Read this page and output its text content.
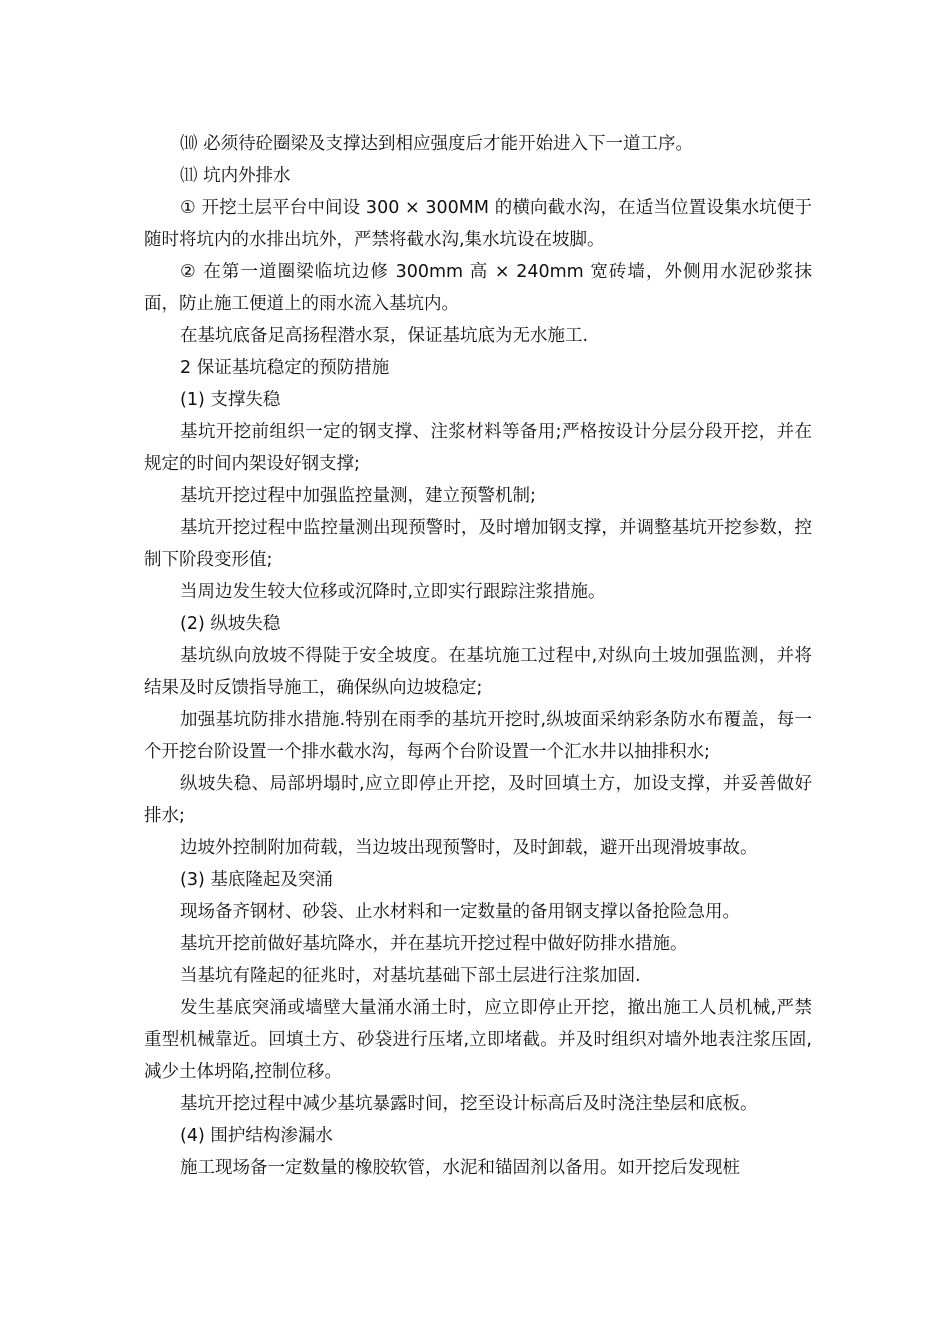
⑽ 必须待砼圈梁及支撑达到相应强度后才能开始进入下一道工序。

⑾ 坑内外排水

① 开挖土层平台中间设 300 × 300MM 的横向截水沟，在适当位置设集水坑便于随时将坑内的水排出坑外，严禁将截水沟,集水坑设在坡脚。

② 在第一道圈梁临坑边修 300mm 高 × 240mm 宽砖墙，外侧用水泥砂浆抹面，防止施工便道上的雨水流入基坑内。

在基坑底备足高扬程潜水泵，保证基坑底为无水施工.

2 保证基坑稳定的预防措施

(1) 支撑失稳

基坑开挖前组织一定的钢支撑、注浆材料等备用;严格按设计分层分段开挖，并在规定的时间内架设好钢支撑;

基坑开挖过程中加强监控量测，建立预警机制;

基坑开挖过程中监控量测出现预警时，及时增加钢支撑，并调整基坑开挖参数，控制下阶段变形值;

当周边发生较大位移或沉降时,立即实行跟踪注浆措施。

(2) 纵坡失稳

基坑纵向放坡不得陡于安全坡度。在基坑施工过程中,对纵向土坡加强监测，并将结果及时反馈指导施工，确保纵向边坡稳定;

加强基坑防排水措施.特别在雨季的基坑开挖时,纵坡面采纳彩条防水布覆盖，每一个开挖台阶设置一个排水截水沟，每两个台阶设置一个汇水井以抽排积水;

纵坡失稳、局部坍塌时,应立即停止开挖，及时回填土方，加设支撑，并妥善做好排水;

边坡外控制附加荷载，当边坡出现预警时，及时卸载，避开出现滑坡事故。

(3) 基底隆起及突涌

现场备齐钢材、砂袋、止水材料和一定数量的备用钢支撑以备抢险急用。

基坑开挖前做好基坑降水，并在基坑开挖过程中做好防排水措施。

当基坑有隆起的征兆时，对基坑基础下部土层进行注浆加固.

发生基底突涌或墙壁大量涌水涌土时，应立即停止开挖，撤出施工人员机械,严禁重型机械靠近。回填土方、砂袋进行压堵,立即堵截。并及时组织对墙外地表注浆压固,减少土体坍陷,控制位移。

基坑开挖过程中减少基坑暴露时间，挖至设计标高后及时浇注垫层和底板。

(4) 围护结构渗漏水

施工现场备一定数量的橡胶软管，水泥和锚固剂以备用。如开挖后发现桩
